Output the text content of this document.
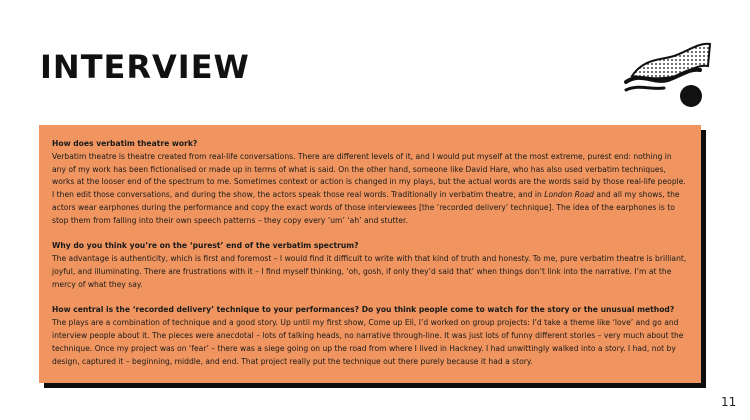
INTERVIEW

How does verbatim theatre work?

Verbatim theatre is theatre created from real-life conversations. There are different levels of it, and I would put myself at the most extreme, purest end: nothing in any of my work has been fictionalised or made up in terms of what is said. On the other hand, someone like David Hare, who has also used verbatim techniques, works at the looser end of the spectrum to me. Sometimes context or action is changed in my plays, but the actual words are the words said by those real-life people. I then edit those conversations, and during the show, the actors speak those real words. Traditionally in verbatim theatre, and in London Road and all my shows, the actors wear earphones during the performance and copy the exact words of those interviewees [the ‘recorded delivery’ technique]. The idea of the earphones is to stop them from falling into their own speech patterns – they copy every ‘um’ ‘ah’ and stutter.

Why do you think you’re on the ‘purest’ end of the verbatim spectrum?

The advantage is authenticity, which is first and foremost – I would find it difficult to write with that kind of truth and honesty. To me, pure verbatim theatre is brilliant, joyful, and illuminating. There are frustrations with it – I find myself thinking, ‘oh, gosh, if only they’d said that’ when things don’t link into the narrative. I’m at the mercy of what they say.

How central is the ‘recorded delivery’ technique to your performances? Do you think people come to watch for the story or the unusual method?

The plays are a combination of technique and a good story. Up until my first show, Come up Eli, I’d worked on group projects: I’d take a theme like ‘love’ and go and interview people about it. The pieces were anecdotal – lots of talking heads, no narrative through-line. It was just lots of funny different stories – very much about the technique. Once my project was on ‘fear’ – there was a siege going on up the road from where I lived in Hackney. I had unwittingly walked into a story. I had, not by design, captured it – beginning, middle, and end. That project really put the technique out there purely because it had a story.

11
